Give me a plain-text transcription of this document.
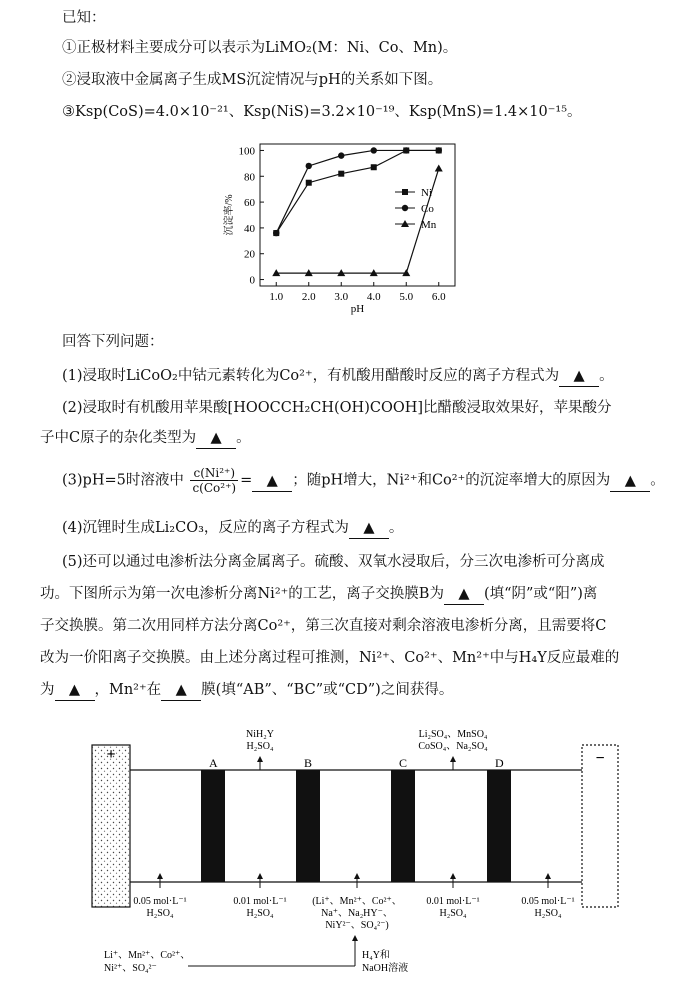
已知：
①正极材料主要成分可以表示为LiMO₂(M：Ni、Co、Mn)。
②浸取液中金属离子生成MS沉淀情况与pH的关系如下图。
③Ksp(CoS)=4.0×10⁻²¹、Ksp(NiS)=3.2×10⁻¹⁹、Ksp(MnS)=1.4×10⁻¹⁵。
0
20
40
60
80
100
1.0 2.0 3.0 4.0 5.0 6.0
pH
沉淀率/%
Ni
Co
Mn
回答下列问题：
(1)浸取时LiCoO₂中钴元素转化为Co²⁺，有机酸用醋酸时反应的离子方程式为 ▲ 。
(2)浸取时有机酸用苹果酸[HOOCCH₂CH(OH)COOH]比醋酸浸取效果好，苹果酸分
子中C原子的杂化类型为 ▲ 。
(3)pH=5时溶液中 $\frac{\text{c(Ni²⁺)}}{\text{c(Co²⁺)}}$ = ▲ ；随pH增大，Ni²⁺和Co²⁺的沉淀率增大的原因为 ▲ 。
(4)沉锂时生成Li₂CO₃，反应的离子方程式为 ▲ 。
(5)还可以通过电渗析法分离金属离子。硫酸、双氧水浸取后，分三次电渗析可分离成
功。下图所示为第一次电渗析分离Ni²⁺的工艺，离子交换膜B为 ▲ (填“阴”或“阳”)离
子交换膜。第二次用同样方法分离Co²⁺，第三次直接对剩余溶液电渗析分离，且需要将C
改为一价阳离子交换膜。由上述分离过程可推测，Ni²⁺、Co²⁺、Mn²⁺中与H₄Y反应最难的
为 ▲ ，Mn²⁺在 ▲ 膜(填“AB”、“BC”或“CD”)之间获得。
+	−
A	B	C	D
NiH₂Y
H₂SO₄
Li₂SO₄、MnSO₄
CoSO₄、Na₂SO₄
0.05 mol·L⁻¹
H₂SO₄
0.01 mol·L⁻¹
H₂SO₄
(Li⁺、Mn²⁺、Co²⁺、
Na⁺、Na₂HY⁻、
NiY²⁻、SO₄²⁻)
0.01 mol·L⁻¹
H₂SO₄
0.05 mol·L⁻¹
H₂SO₄
Li⁺、Mn²⁺、Co²⁺、
Ni²⁺、SO₄²⁻
H₄Y和
NaOH溶液
